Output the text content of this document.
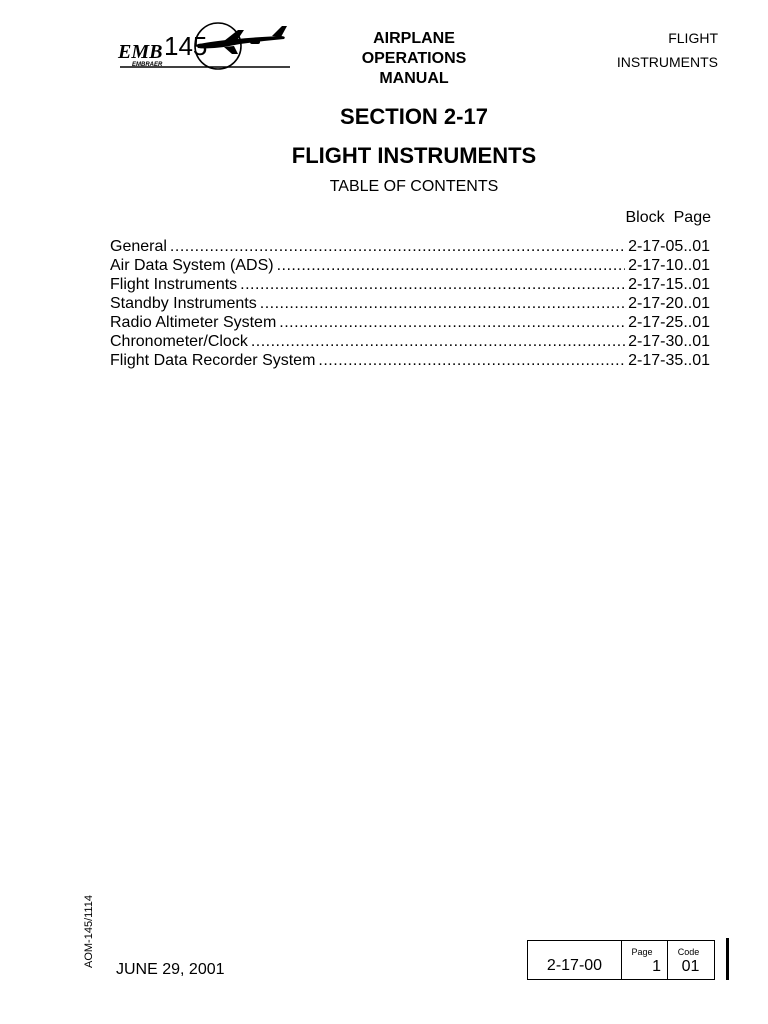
EMB 145
EMBRAER
AIRPLANE
OPERATIONS
MANUAL
FLIGHT
INSTRUMENTS
SECTION 2-17
FLIGHT INSTRUMENTS
TABLE OF CONTENTS
Block Page
General .....	2-17-05 .. 01
Air Data System (ADS) .....	2-17-10 .. 01
Flight Instruments .....	2-17-15 .. 01
Standby Instruments .....	2-17-20 .. 01
Radio Altimeter System .....	2-17-25 .. 01
Chronometer/Clock .....	2-17-30 .. 01
Flight Data Recorder System .....	2-17-35 .. 01
AOM-145/1114
JUNE 29, 2001	2-17-00
Page
1
Code
01
